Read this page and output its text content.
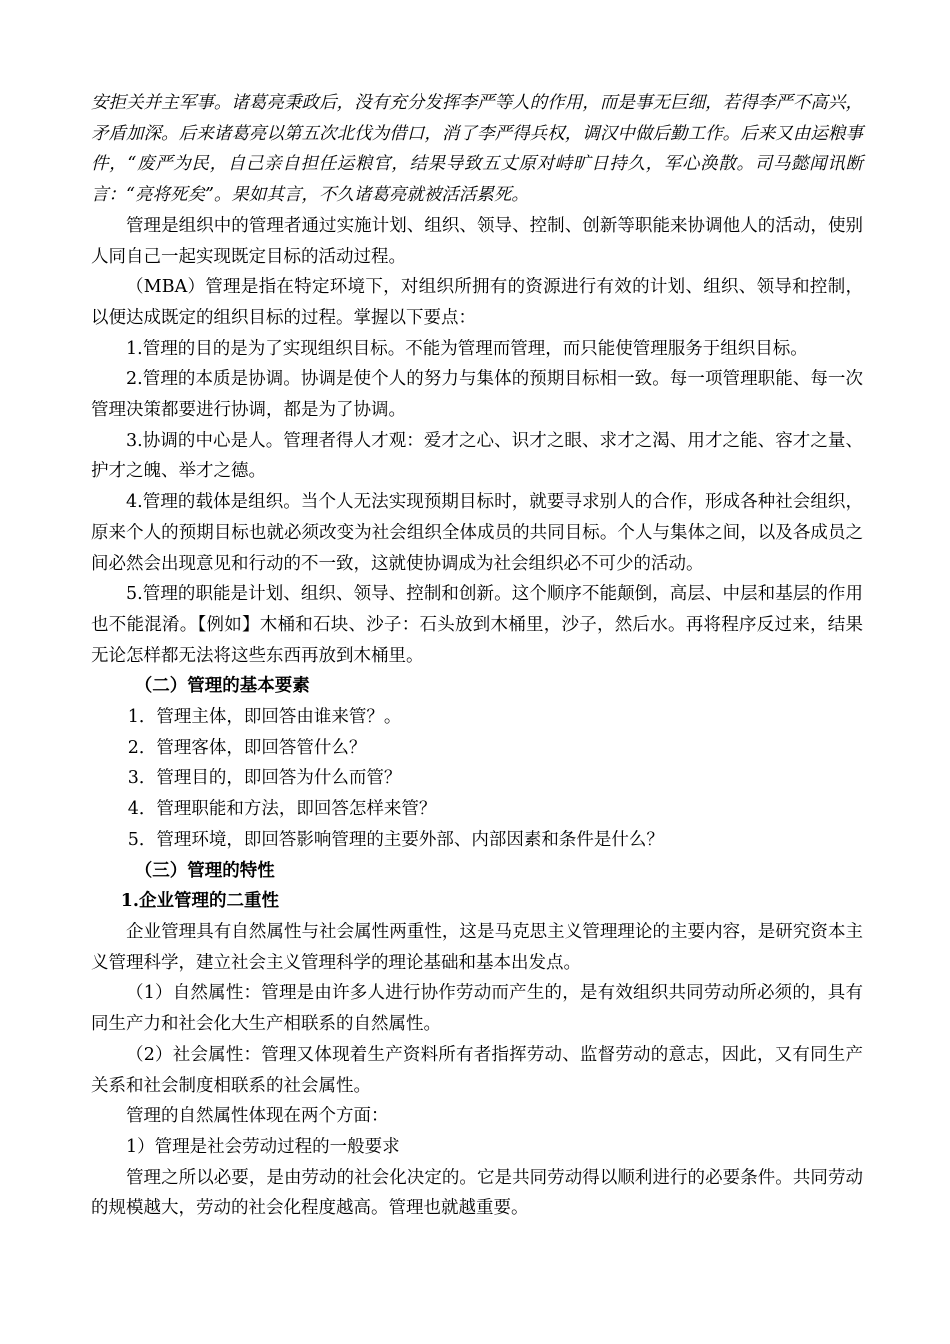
安拒关并主军事。诸葛亮秉政后，没有充分发挥李严等人的作用，而是事无巨细，若得李严不高兴，矛盾加深。后来诸葛亮以第五次北伐为借口，消了李严得兵权，调汉中做后勤工作。后来又由运粮事件，“废严为民，自己亲自担任运粮官，结果导致五丈原对峙旷日持久，军心涣散。司马懿闻讯断言：“亮将死矣”。果如其言，不久诸葛亮就被活活累死。

管理是组织中的管理者通过实施计划、组织、领导、控制、创新等职能来协调他人的活动，使别人同自己一起实现既定目标的活动过程。

（MBA）管理是指在特定环境下，对组织所拥有的资源进行有效的计划、组织、领导和控制，以便达成既定的组织目标的过程。掌握以下要点：

1.管理的目的是为了实现组织目标。不能为管理而管理，而只能使管理服务于组织目标。

2.管理的本质是协调。协调是使个人的努力与集体的预期目标相一致。每一项管理职能、每一次管理决策都要进行协调，都是为了协调。

3.协调的中心是人。管理者得人才观：爱才之心、识才之眼、求才之渴、用才之能、容才之量、护才之魄、举才之德。

4.管理的载体是组织。当个人无法实现预期目标时，就要寻求别人的合作，形成各种社会组织，原来个人的预期目标也就必须改变为社会组织全体成员的共同目标。个人与集体之间，以及各成员之间必然会出现意见和行动的不一致，这就使协调成为社会组织必不可少的活动。

5.管理的职能是计划、组织、领导、控制和创新。这个顺序不能颠倒，高层、中层和基层的作用也不能混淆。【例如】木桶和石块、沙子：石头放到木桶里，沙子，然后水。再将程序反过来，结果无论怎样都无法将这些东西再放到木桶里。

（二）管理的基本要素

1．管理主体，即回答由谁来管？。

2．管理客体，即回答管什么？

3．管理目的，即回答为什么而管？

4．管理职能和方法，即回答怎样来管？

5．管理环境，即回答影响管理的主要外部、内部因素和条件是什么？

（三）管理的特性

1.企业管理的二重性

企业管理具有自然属性与社会属性两重性，这是马克思主义管理理论的主要内容，是研究资本主义管理科学，建立社会主义管理科学的理论基础和基本出发点。

（1）自然属性：管理是由许多人进行协作劳动而产生的，是有效组织共同劳动所必须的，具有同生产力和社会化大生产相联系的自然属性。

（2）社会属性：管理又体现着生产资料所有者指挥劳动、监督劳动的意志，因此，又有同生产关系和社会制度相联系的社会属性。

管理的自然属性体现在两个方面：

1）管理是社会劳动过程的一般要求

管理之所以必要，是由劳动的社会化决定的。它是共同劳动得以顺利进行的必要条件。共同劳动的规模越大，劳动的社会化程度越高。管理也就越重要。
